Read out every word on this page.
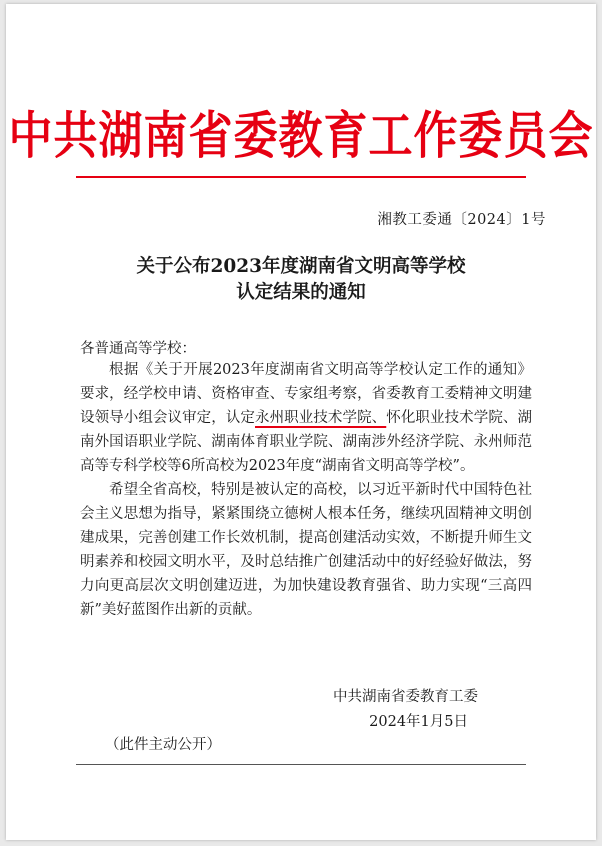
中共湖南省委教育工作委员会
湘教工委通〔2024〕1号
关于公布2023年度湖南省文明高等学校
认定结果的通知
各普通高等学校：

根据《关于开展2023年度湖南省文明高等学校认定工作的通知》要求，经学校申请、资格审查、专家组考察，省委教育工委精神文明建设领导小组会议审定，认定永州职业技术学院、怀化职业技术学院、湖南外国语职业学院、湖南体育职业学院、湖南涉外经济学院、永州师范高等专科学校等6所高校为2023年度“湖南省文明高等学校”。

希望全省高校，特别是被认定的高校，以习近平新时代中国特色社会主义思想为指导，紧紧围绕立德树人根本任务，继续巩固精神文明创建成果，完善创建工作长效机制，提高创建活动实效，不断提升师生文明素养和校园文明水平，及时总结推广创建活动中的好经验好做法，努力向更高层次文明创建迈进，为加快建设教育强省、助力实现“三高四新”美好蓝图作出新的贡献。

中共湖南省委教育工委
2024年1月5日
（此件主动公开）
